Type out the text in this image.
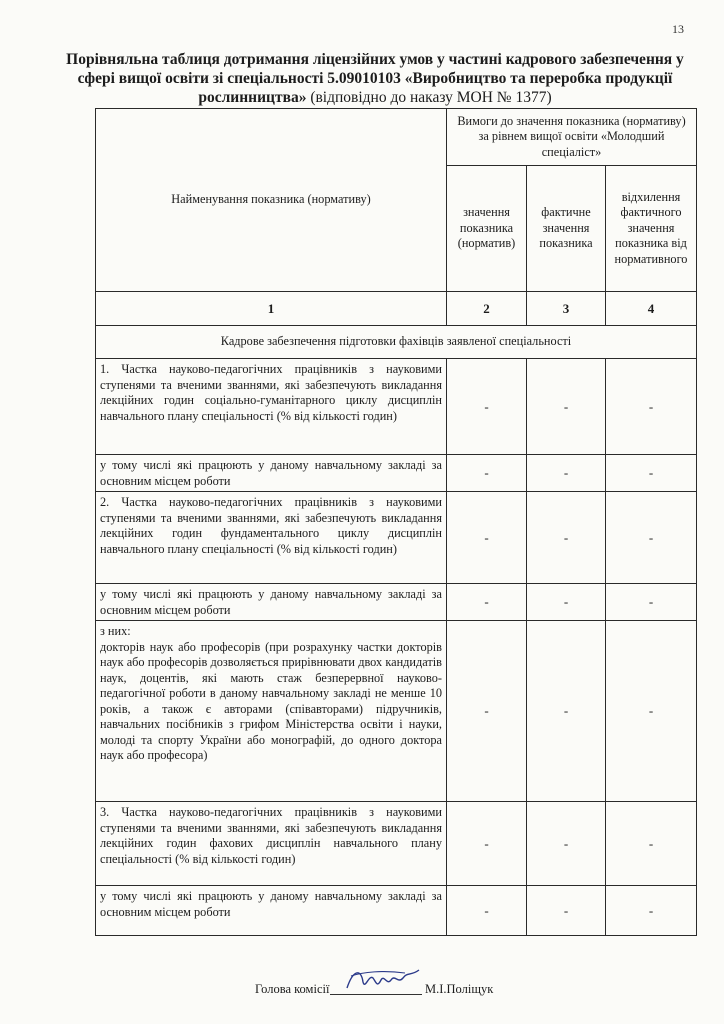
13
Порівняльна таблиця дотримання ліцензійних умов у частині кадрового забезпечення у сфері вищої освіти зі спеціальності 5.09010103 «Виробництво та переробка продукції рослинництва» (відповідно до наказу МОН № 1377)
Найменування показника (нормативу)	Вимоги до значення показника (нормативу) за рівнем вищої освіти «Молодший спеціаліст»		
	значення показника (норматив)	фактичне значення показника	відхилення фактичного значення показника від нормативного
1	2	3	4
Кадрове забезпечення підготовки фахівців заявленої спеціальності			
1. Частка науково-педагогічних працівників з науковими ступенями та вченими званнями, які забезпечують викладання лекційних годин соціально-гуманітарного циклу дисциплін навчального плану спеціальності (% від кількості годин)	-	-	-
у тому числі які працюють у даному навчальному закладі за основним місцем роботи	-	-	-
2. Частка науково-педагогічних працівників з науковими ступенями та вченими званнями, які забезпечують викладання лекційних годин фундаментального циклу дисциплін навчального плану спеціальності (% від кількості годин)	-	-	-
у тому числі які працюють у даному навчальному закладі за основним місцем роботи	-	-	-

з них:
докторів наук або професорів (при розрахунку частки докторів наук або професорів дозволяється прирівнювати двох кандидатів наук, доцентів, які мають стаж безперервної науково-педагогічної роботи в даному навчальному закладі не менше 10 років, а також є авторами (співавторами) підручників, навчальних посібників з грифом Міністерства освіти і науки, молоді та спорту України або монографій, до одного доктора наук або професора)	-	-	-
3. Частка науково-педагогічних працівників з науковими ступенями та вченими званнями, які забезпечують викладання лекційних годин фахових дисциплін навчального плану спеціальності (% від кількості годин)	-	-	-
у тому числі які працюють у даному навчальному закладі за основним місцем роботи	-	-	-
Голова комісії	М.І.Поліщук
